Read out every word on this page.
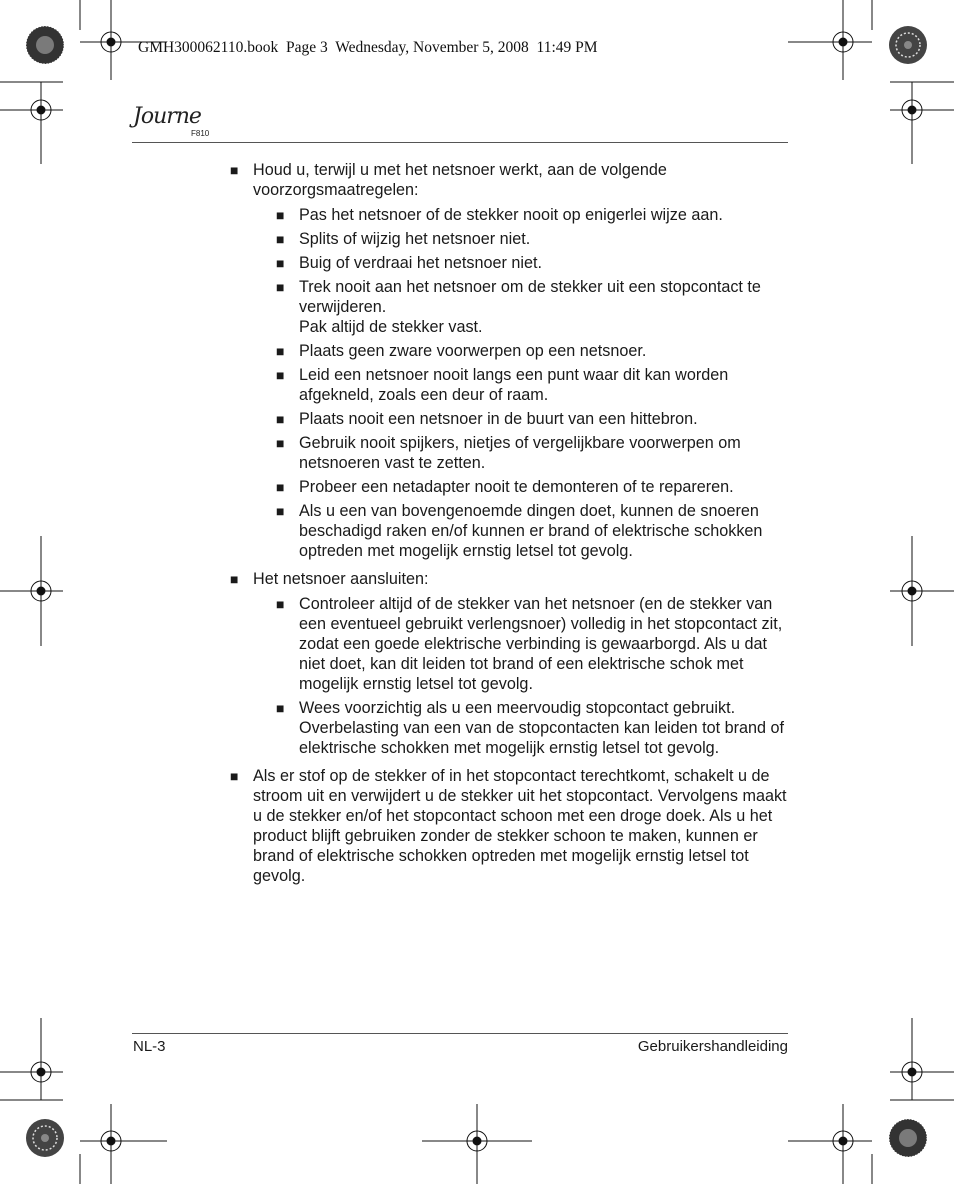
GMH300062110.book  Page 3  Wednesday, November 5, 2008  11:49 PM
Journe
F810
■ Houd u, terwijl u met het netsnoer werkt, aan de volgende voorzorgsmaatregelen:
■ Pas het netsnoer of de stekker nooit op enigerlei wijze aan.
■ Splits of wijzig het netsnoer niet.
■ Buig of verdraai het netsnoer niet.
■ Trek nooit aan het netsnoer om de stekker uit een stopcontact te verwijderen.
Pak altijd de stekker vast.
■ Plaats geen zware voorwerpen op een netsnoer.
■ Leid een netsnoer nooit langs een punt waar dit kan worden afgekneld, zoals een deur of raam.
■ Plaats nooit een netsnoer in de buurt van een hittebron.
■ Gebruik nooit spijkers, nietjes of vergelijkbare voorwerpen om netsnoeren vast te zetten.
■ Probeer een netadapter nooit te demonteren of te repareren.
■ Als u een van bovengenoemde dingen doet, kunnen de snoeren beschadigd raken en/of kunnen er brand of elektrische schokken optreden met mogelijk ernstig letsel tot gevolg.
■ Het netsnoer aansluiten:
■ Controleer altijd of de stekker van het netsnoer (en de stekker van een eventueel gebruikt verlengsnoer) volledig in het stopcontact zit, zodat een goede elektrische verbinding is gewaarborgd. Als u dat niet doet, kan dit leiden tot brand of een elektrische schok met mogelijk ernstig letsel tot gevolg.
■ Wees voorzichtig als u een meervoudig stopcontact gebruikt. Overbelasting van een van de stopcontacten kan leiden tot brand of elektrische schokken met mogelijk ernstig letsel tot gevolg.
■ Als er stof op de stekker of in het stopcontact terechtkomt, schakelt u de stroom uit en verwijdert u de stekker uit het stopcontact. Vervolgens maakt u de stekker en/of het stopcontact schoon met een droge doek. Als u het product blijft gebruiken zonder de stekker schoon te maken, kunnen er brand of elektrische schokken optreden met mogelijk ernstig letsel tot gevolg.
NL-3	Gebruikershandleiding
